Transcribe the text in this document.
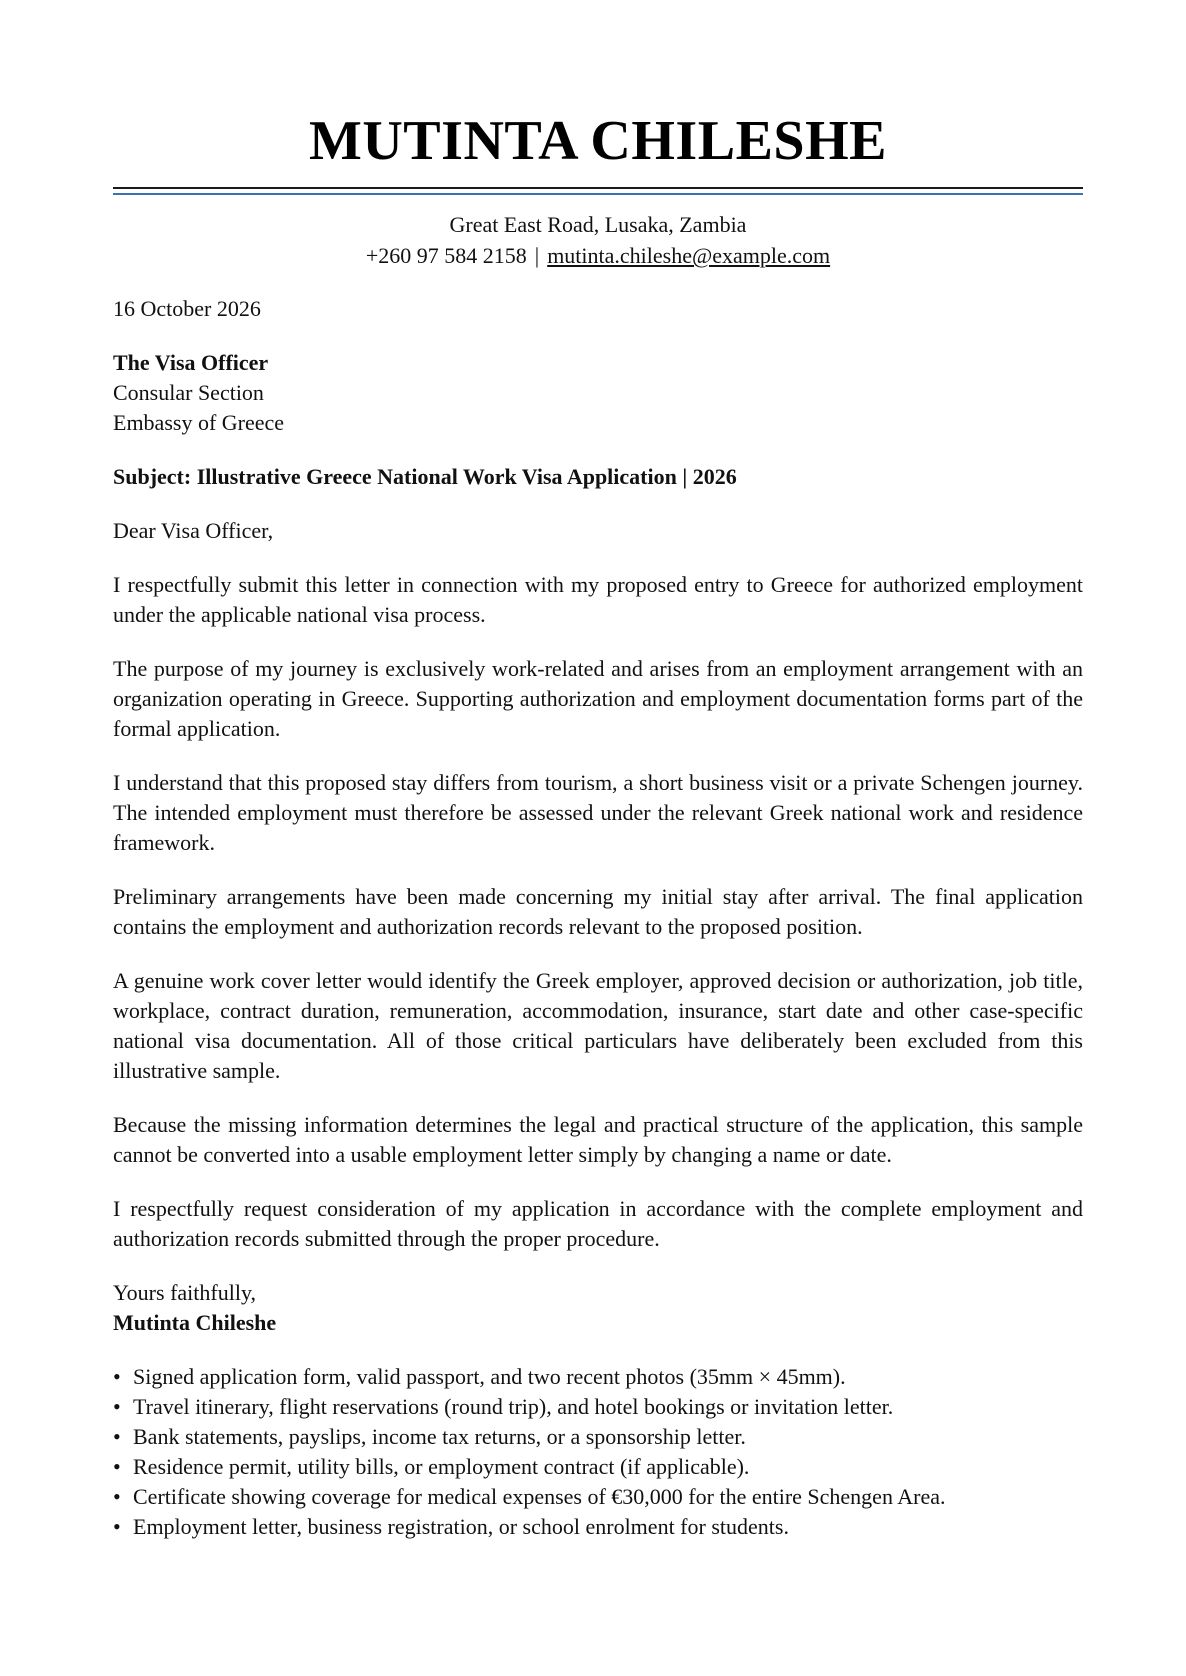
MUTINTA CHILESHE
Great East Road, Lusaka, Zambia
+260 97 584 2158 | mutinta.chileshe@example.com
16 October 2026
The Visa Officer
Consular Section
Embassy of Greece
Subject: Illustrative Greece National Work Visa Application | 2026
Dear Visa Officer,

I respectfully submit this letter in connection with my proposed entry to Greece for authorized employment under the applicable national visa process.

The purpose of my journey is exclusively work-related and arises from an employment arrangement with an organization operating in Greece. Supporting authorization and employment documentation forms part of the formal application.

I understand that this proposed stay differs from tourism, a short business visit or a private Schengen journey. The intended employment must therefore be assessed under the relevant Greek national work and residence framework.

Preliminary arrangements have been made concerning my initial stay after arrival. The final application contains the employment and authorization records relevant to the proposed position.

A genuine work cover letter would identify the Greek employer, approved decision or authorization, job title, workplace, contract duration, remuneration, accommodation, insurance, start date and other case-specific national visa documentation. All of those critical particulars have deliberately been excluded from this illustrative sample.

Because the missing information determines the legal and practical structure of the application, this sample cannot be converted into a usable employment letter simply by changing a name or date.

I respectfully request consideration of my application in accordance with the complete employment and authorization records submitted through the proper procedure.

Yours faithfully,
Mutinta Chileshe
• Signed application form, valid passport, and two recent photos (35mm × 45mm).
• Travel itinerary, flight reservations (round trip), and hotel bookings or invitation letter.
• Bank statements, payslips, income tax returns, or a sponsorship letter.
• Residence permit, utility bills, or employment contract (if applicable).
• Certificate showing coverage for medical expenses of €30,000 for the entire Schengen Area.
• Employment letter, business registration, or school enrolment for students.
